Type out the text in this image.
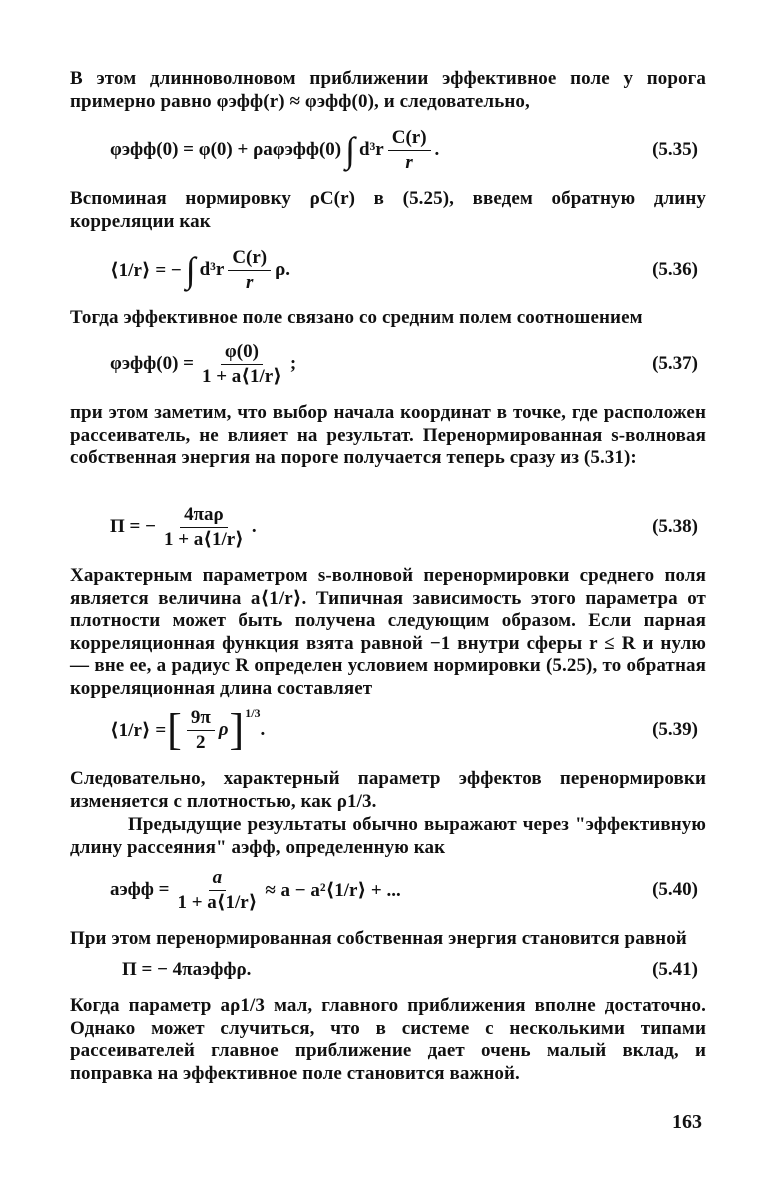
В этом длинноволновом приближении эффективное поле у порога примерно равно φэфф(r) ≈ φэфф(0), и следовательно,
φэфф(0) = φ(0) + ρaφэфф(0) ∫ $d^3r \frac{C(r)}{r}$ .	(5.35)
Вспоминая нормировку ρC(r) в (5.25), введем обратную длину корреляции как
⟨1/r⟩ = − ∫ $d^3r \frac{C(r)}{r} \rho$.	(5.36)
Тогда эффективное поле связано со средним полем соотношением
$\varphi эфф(0) = \frac{\varphi(0)}{1 + a⟨1/r⟩}$ ;	(5.37)
при этом заметим, что выбор начала координат в точке, где расположен рассеиватель, не влияет на результат. Перенормированная s-волновая собственная энергия на пороге получается теперь сразу из (5.31):
Π = − $\frac{\text{4πaρ}}{1 + a⟨1/r⟩}$ .	(5.38)
Характерным параметром s-волновой перенормировки среднего поля является величина a⟨1/r⟩. Типичная зависимость этого параметра от плотности может быть получена следующим образом. Если парная корреляционная функция взята равной −1 внутри сферы r ≤ R и нулю — вне ее, а радиус R определен условием нормировки (5.25), то обратная корреляционная длина составляет
⟨1/r⟩ = [ $\frac{9\pi}{2}$ ρ ]$^{1/3}$
.	(5.39)
Следовательно, характерный параметр эффектов перенормировки изменяется с плотностью, как ρ1/3.
Предыдущие результаты обычно выражают через "эффективную длину рассеяния" aэфф, определенную как
aэфф = $\frac{a}{1 + a⟨1/r⟩} \approx a$ − a²⟨1/r⟩ + ...	(5.40)
При этом перенормированная собственная энергия становится равной
Π = − 4πaэффρ.	(5.41)
Когда параметр aρ1/3 мал, главного приближения вполне достаточно. Однако может случиться, что в системе с несколькими типами рассеивателей главное приближение дает очень малый вклад, и поправка на эффективное поле становится важной.
163
